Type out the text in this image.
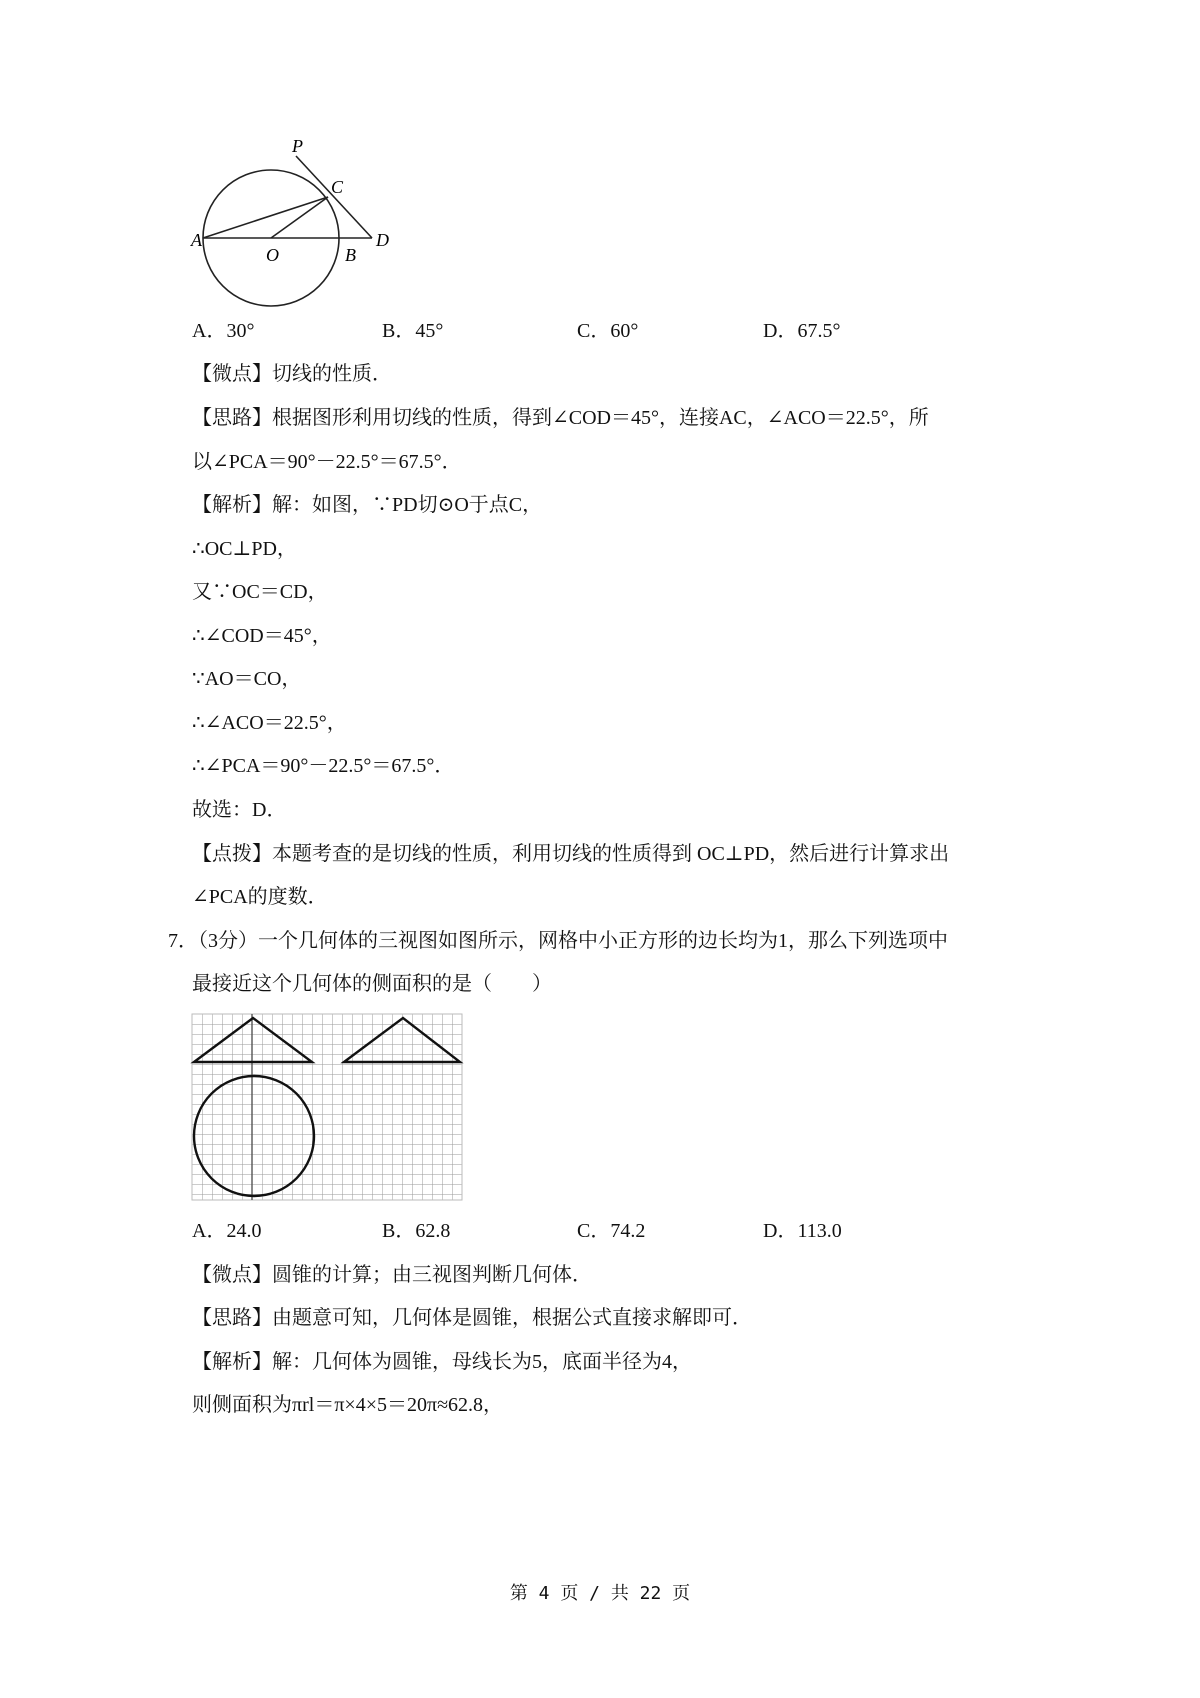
P
C
A
O	B
D
A．30°	B．45°	C．60°	D．67.5°
【微点】切线的性质．
【思路】根据图形利用切线的性质，得到∠COD＝45°，连接AC，∠ACO＝22.5°，所
以∠PCA＝90°－22.5°＝67.5°．
【解析】解：如图，∵PD切⊙O于点C，
∴OC⊥PD，
又∵OC＝CD，
∴∠COD＝45°，
∵AO＝CO，
∴∠ACO＝22.5°，
∴∠PCA＝90°－22.5°＝67.5°．
故选：D．
【点拨】本题考查的是切线的性质，利用切线的性质得到 OC⊥PD，然后进行计算求出
∠PCA的度数．
7．（3分）一个几何体的三视图如图所示，网格中小正方形的边长均为1，那么下列选项中
最接近这个几何体的侧面积的是（　　）
A．24.0	B．62.8	C．74.2	D．113.0
【微点】圆锥的计算；由三视图判断几何体．
【思路】由题意可知，几何体是圆锥，根据公式直接求解即可．
【解析】解：几何体为圆锥，母线长为5，底面半径为4，
则侧面积为πrl＝π×4×5＝20π≈62.8，
第 4 页 / 共 22 页
